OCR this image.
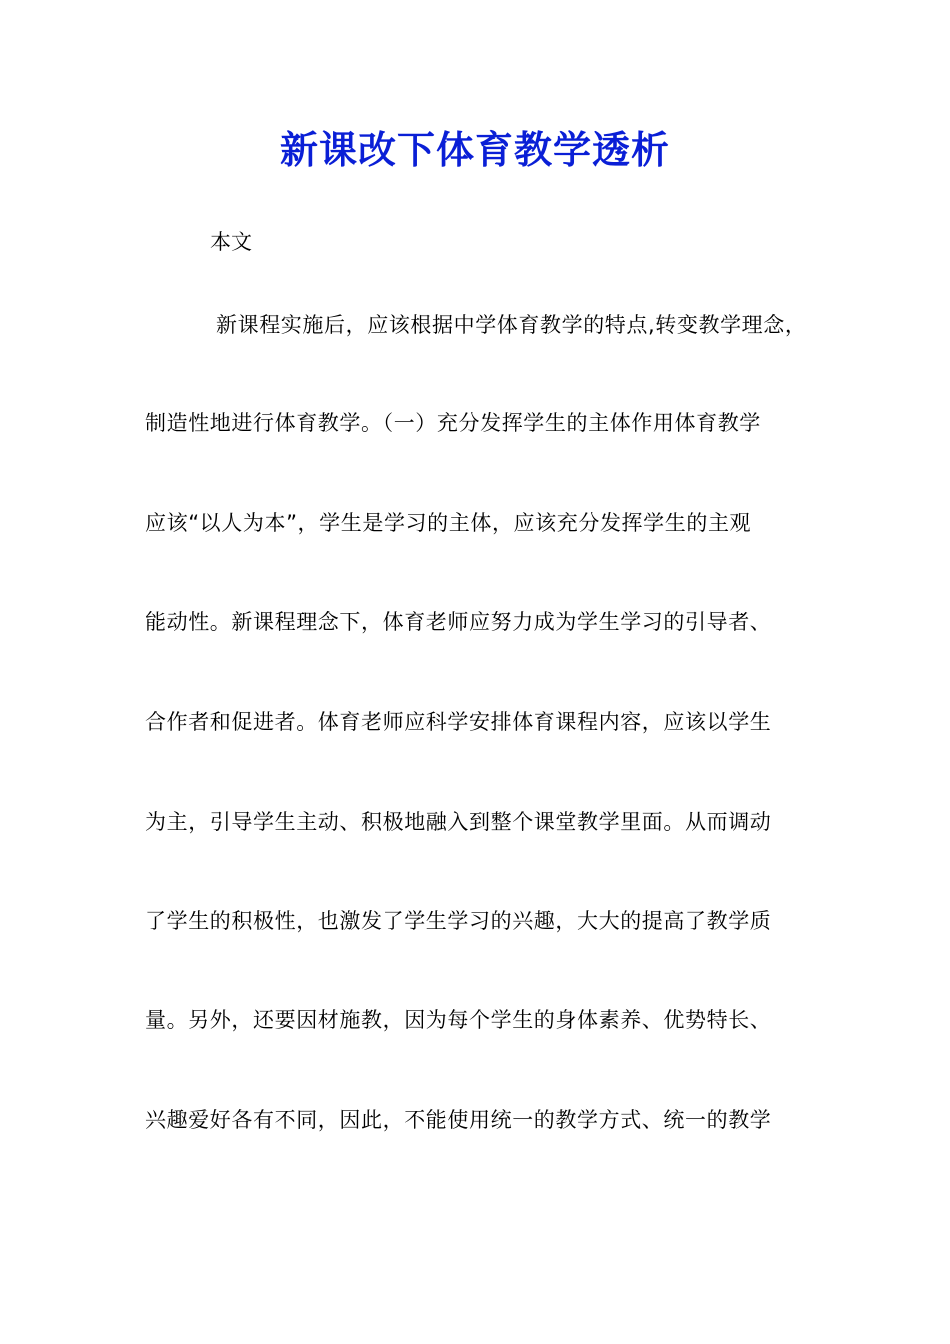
新课改下体育教学透析
本文
新课程实施后，应该根据中学体育教学的特点,转变教学理念，
制造性地进行体育教学。（一）充分发挥学生的主体作用体育教学
应该“以人为本”，学生是学习的主体，应该充分发挥学生的主观
能动性。新课程理念下，体育老师应努力成为学生学习的引导者、
合作者和促进者。体育老师应科学安排体育课程内容，应该以学生
为主，引导学生主动、积极地融入到整个课堂教学里面。从而调动
了学生的积极性，也激发了学生学习的兴趣，大大的提高了教学质
量。另外，还要因材施教，因为每个学生的身体素养、优势特长、
兴趣爱好各有不同，因此，不能使用统一的教学方式、统一的教学
